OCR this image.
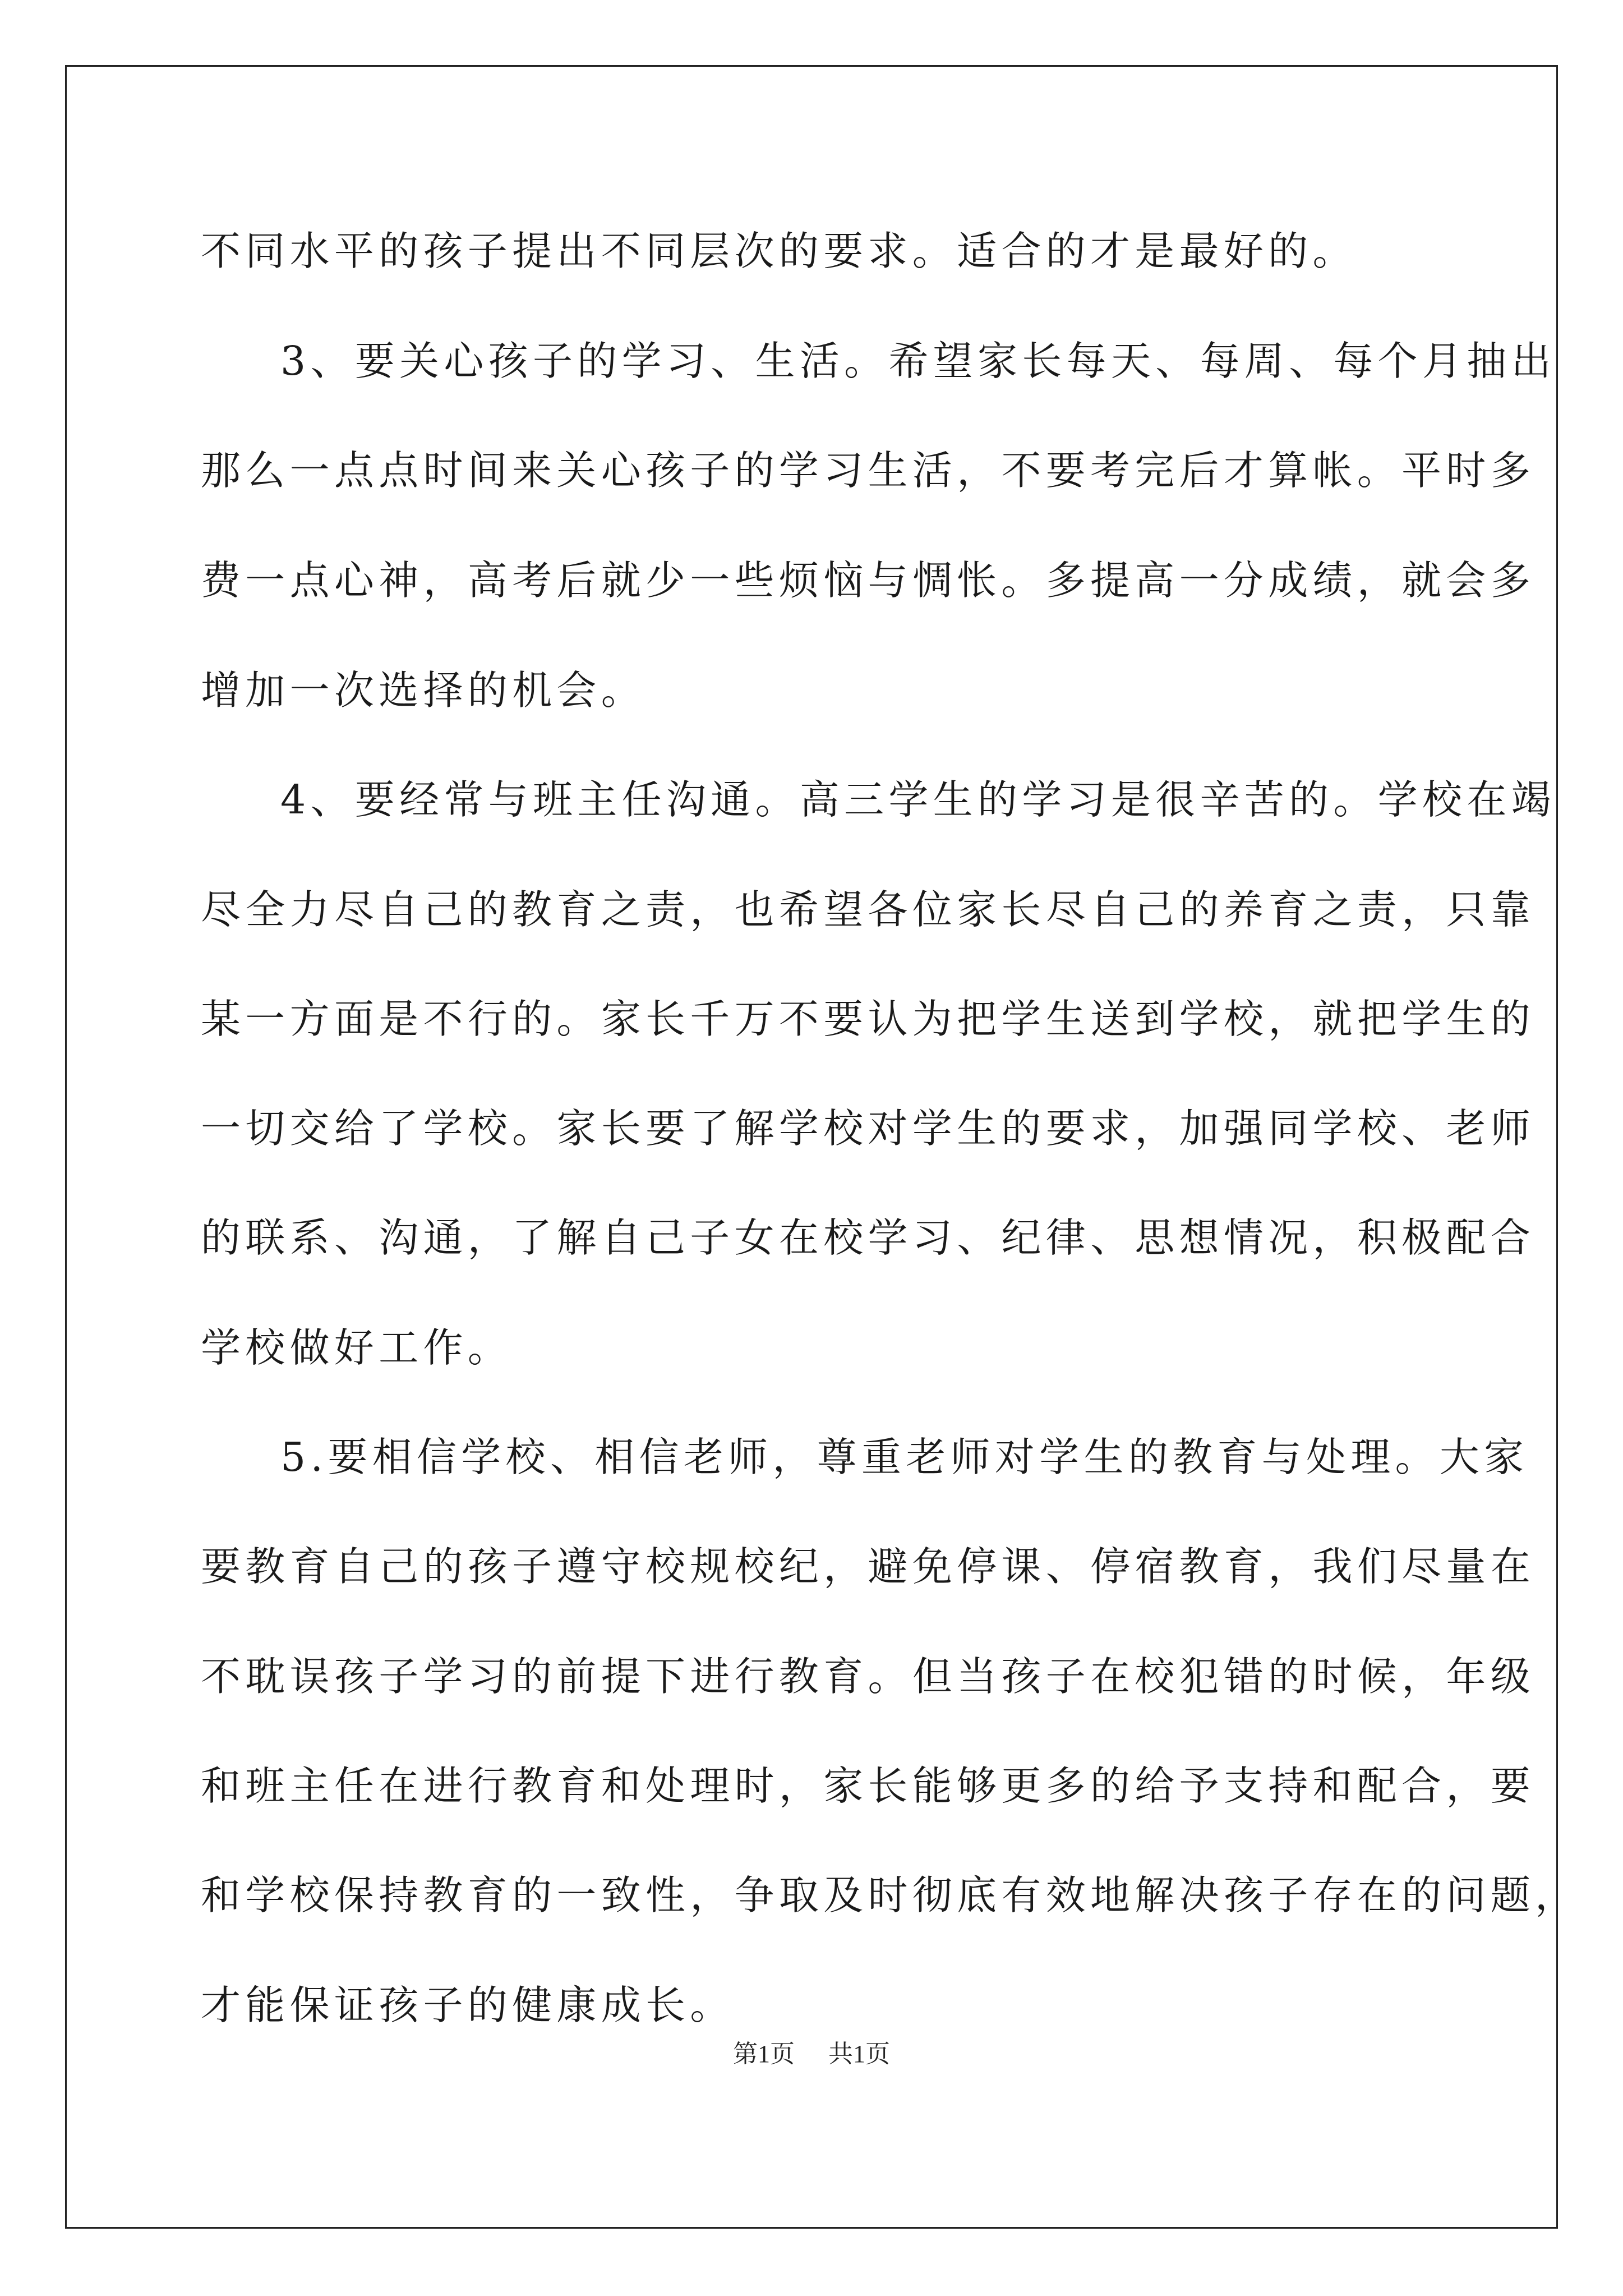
不同水平的孩子提出不同层次的要求。适合的才是最好的。

3、要关心孩子的学习、生活。希望家长每天、每周、每个月抽出

那么一点点时间来关心孩子的学习生活，不要考完后才算帐。平时多

费一点心神，高考后就少一些烦恼与惆怅。多提高一分成绩，就会多

增加一次选择的机会。

4、要经常与班主任沟通。高三学生的学习是很辛苦的。学校在竭

尽全力尽自己的教育之责，也希望各位家长尽自己的养育之责，只靠

某一方面是不行的。家长千万不要认为把学生送到学校，就把学生的

一切交给了学校。家长要了解学校对学生的要求，加强同学校、老师

的联系、沟通，了解自己子女在校学习、纪律、思想情况，积极配合

学校做好工作。

5.要相信学校、相信老师，尊重老师对学生的教育与处理。大家

要教育自己的孩子遵守校规校纪，避免停课、停宿教育，我们尽量在

不耽误孩子学习的前提下进行教育。但当孩子在校犯错的时候，年级

和班主任在进行教育和处理时，家长能够更多的给予支持和配合，要

和学校保持教育的一致性，争取及时彻底有效地解决孩子存在的问题，

才能保证孩子的健康成长。

第1页 共1页
